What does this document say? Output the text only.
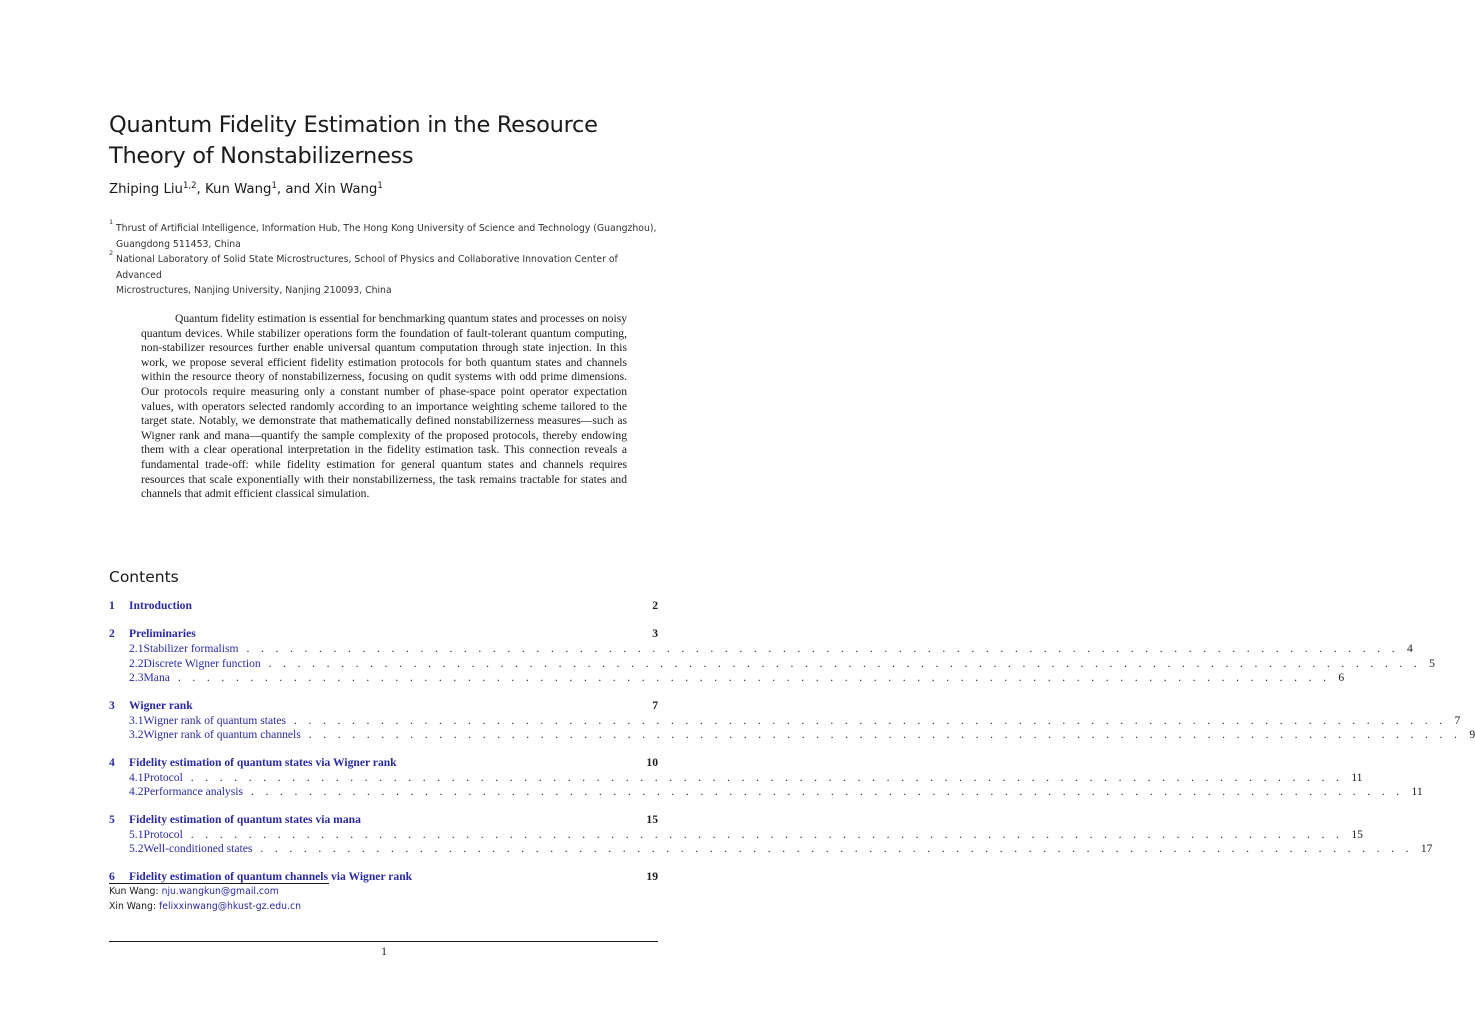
Quantum Fidelity Estimation in the Resource Theory of Nonstabilizerness
Zhiping Liu$^{1,2}$, Kun Wang$^1$, and Xin Wang$^1$
1
Thrust of Artificial Intelligence, Information Hub, The Hong Kong University of Science and Technology (Guangzhou),
Guangdong 511453, China
2
National Laboratory of Solid State Microstructures, School of Physics and Collaborative Innovation Center of Advanced
Microstructures, Nanjing University, Nanjing 210093, China

Quantum fidelity estimation is essential for benchmarking quantum states and processes on noisy quantum devices. While stabilizer operations form the foundation of fault-tolerant quantum computing, non-stabilizer resources further enable universal quantum computation through state injection. In this work, we propose several efficient fidelity estimation protocols for both quantum states and channels within the resource theory of nonstabilizerness, focusing on qudit systems with odd prime dimensions. Our protocols require measuring only a constant number of phase-space point operator expectation values, with operators selected randomly according to an importance weighting scheme tailored to the target state. Notably, we demonstrate that mathematically defined nonstabilizerness measures—such as Wigner rank and mana—quantify the sample complexity of the proposed protocols, thereby endowing them with a clear operational interpretation in the fidelity estimation task. This connection reveals a fundamental trade-off: while fidelity estimation for general quantum states and channels requires resources that scale exponentially with their nonstabilizerness, the task remains tractable for states and channels that admit efficient classical simulation.

Contents
1	Introduction	2
2	Preliminaries	3
2.1 Stabilizer formalism . . . . . . . . . . . . . . . . . . . . . . . . . . . . . . . . . . . . . . . . . . . . . . . . . . . . . . . . . . . . . . . . . . . . . . . . . . . . . . . . 4
2.2 Discrete Wigner function . . . . . . . . . . . . . . . . . . . . . . . . . . . . . . . . . . . . . . . . . . . . . . . . . . . . . . . . . . . . . . . . . . . . . . . . . . . . . . . . 5
2.3 Mana . . . . . . . . . . . . . . . . . . . . . . . . . . . . . . . . . . . . . . . . . . . . . . . . . . . . . . . . . . . . . . . . . . . . . . . . . . . . . . . . 6
3	Wigner rank	7
3.1 Wigner rank of quantum states . . . . . . . . . . . . . . . . . . . . . . . . . . . . . . . . . . . . . . . . . . . . . . . . . . . . . . . . . . . . . . . . . . . . . . . . . . . . . . . . 7
3.2 Wigner rank of quantum channels . . . . . . . . . . . . . . . . . . . . . . . . . . . . . . . . . . . . . . . . . . . . . . . . . . . . . . . . . . . . . . . . . . . . . . . . . . . . . . . . 9
4	Fidelity estimation of quantum states via Wigner rank	10
4.1 Protocol . . . . . . . . . . . . . . . . . . . . . . . . . . . . . . . . . . . . . . . . . . . . . . . . . . . . . . . . . . . . . . . . . . . . . . . . . . . . . . . . 11
4.2 Performance analysis . . . . . . . . . . . . . . . . . . . . . . . . . . . . . . . . . . . . . . . . . . . . . . . . . . . . . . . . . . . . . . . . . . . . . . . . . . . . . . . . 11
5	Fidelity estimation of quantum states via mana	15
5.1 Protocol . . . . . . . . . . . . . . . . . . . . . . . . . . . . . . . . . . . . . . . . . . . . . . . . . . . . . . . . . . . . . . . . . . . . . . . . . . . . . . . . 15
5.2 Well-conditioned states . . . . . . . . . . . . . . . . . . . . . . . . . . . . . . . . . . . . . . . . . . . . . . . . . . . . . . . . . . . . . . . . . . . . . . . . . . . . . . . . 17
6	Fidelity estimation of quantum channels via Wigner rank	19
Kun Wang: nju.wangkun@gmail.com
Xin Wang: felixxinwang@hkust-gz.edu.cn
1
